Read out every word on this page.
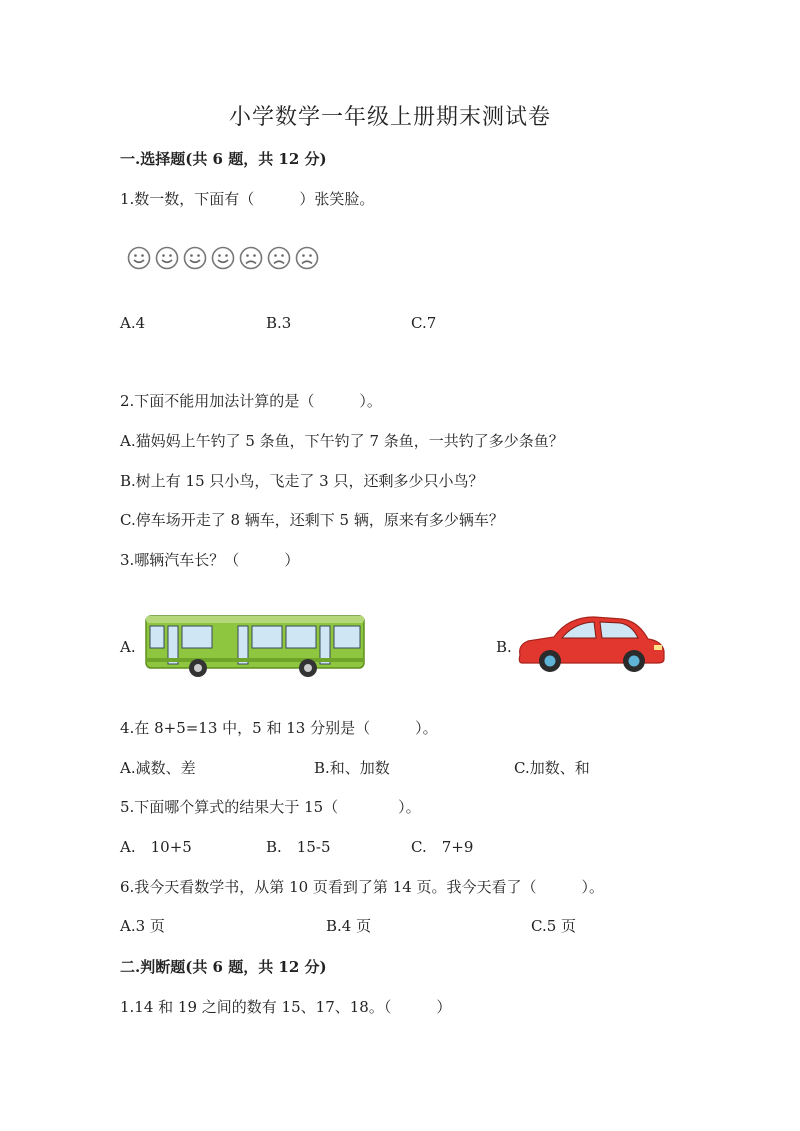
小学数学一年级上册期末测试卷
一.选择题(共 6 题，共 12 分)
1.数一数，下面有（　　　）张笑脸。
A.4	B.3	C.7
2.下面不能用加法计算的是（　　　）。
A.猫妈妈上午钓了 5 条鱼，下午钓了 7 条鱼，一共钓了多少条鱼？
B.树上有 15 只小鸟，飞走了 3 只，还剩多少只小鸟？
C.停车场开走了 8 辆车，还剩下 5 辆，原来有多少辆车？
3.哪辆汽车长？（　　　）
A.	B.
4.在 8+5=13 中，5 和 13 分别是（　　　）。
A.减数、差	B.和、加数	C.加数、和
5.下面哪个算式的结果大于 15（　　　　）。
A.　10+5	B.　15-5	C.　7+9
6.我今天看数学书，从第 10 页看到了第 14 页。我今天看了（　　　）。
A.3 页	B.4 页	C.5 页
二.判断题(共 6 题，共 12 分)
1.14 和 19 之间的数有 15、17、18。（　　　）
